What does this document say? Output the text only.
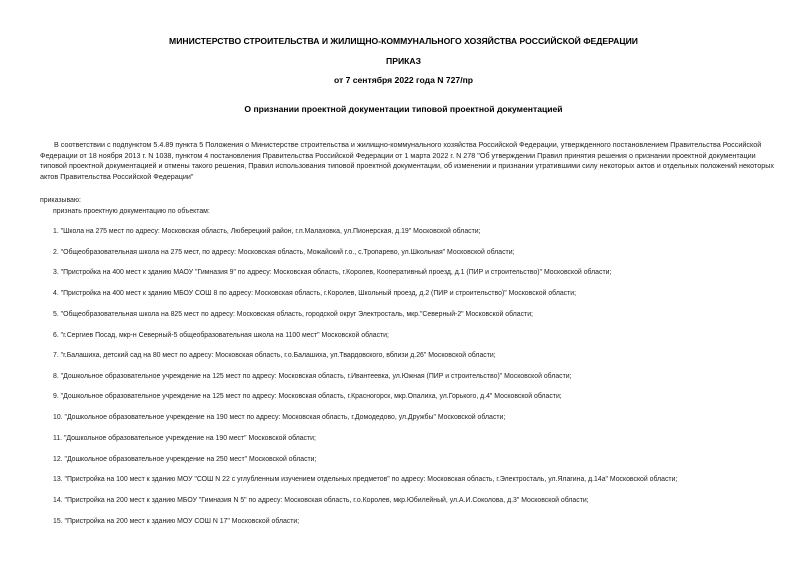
МИНИСТЕРСТВО СТРОИТЕЛЬСТВА И ЖИЛИЩНО-КОММУНАЛЬНОГО ХОЗЯЙСТВА РОССИЙСКОЙ ФЕДЕРАЦИИ
ПРИКАЗ
от 7 сентября 2022 года N 727/пр
О признании проектной документации типовой проектной документацией
В соответствии с подпунктом 5.4.89 пункта 5 Положения о Министерстве строительства и жилищно-коммунального хозяйства Российской Федерации, утвержденного постановлением Правительства Российской Федерации от 18 ноября 2013 г. N 1038, пунктом 4 постановления Правительства Российской Федерации от 1 марта 2022 г. N 278 "Об утверждении Правил принятия решения о признании проектной документации типовой проектной документацией и отмены такого решения, Правил использования типовой проектной документации, об изменении и признании утратившими силу некоторых актов и отдельных положений некоторых актов Правительства Российской Федерации"
приказываю:
признать проектную документацию по объектам:
1. "Школа на 275 мест по адресу: Московская область, Люберецкий район, г.п.Малаховка, ул.Пионерская, д.19" Московской области;
2. "Общеобразовательная школа на 275 мест, по адресу: Московская область, Можайский г.о., с.Тропарево, ул.Школьная" Московской области;
3. "Пристройка на 400 мест к зданию МАОУ "Гимназия 9" по адресу: Московская область, г.Королев, Кооперативный проезд, д.1 (ПИР и строительство)" Московской области;
4. "Пристройка на 400 мест к зданию МБОУ СОШ 8 по адресу: Московская область, г.Королев, Школьный проезд, д.2 (ПИР и строительство)" Московской области;
5. "Общеобразовательная школа на 825 мест по адресу: Московская область, городской округ Электросталь, мкр."Северный-2" Московской области;
6. "г.Сергиев Посад, мкр-н Северный-5 общеобразовательная школа на 1100 мест" Московской области;
7. "г.Балашиха, детский сад на 80 мест по адресу: Московская область, г.о.Балашиха, ул.Твардовского, вблизи д.26" Московской области;
8. "Дошкольное образовательное учреждение на 125 мест по адресу: Московская область, г.Ивантеевка, ул.Южная (ПИР и строительство)" Московской области;
9. "Дошкольное образовательное учреждение на 125 мест по адресу: Московская область, г.Красногорск, мкр.Опалиха, ул.Горького, д.4" Московской области;
10. "Дошкольное образовательное учреждение на 190 мест по адресу: Московская область, г.Домодедово, ул.Дружбы" Московской области;
11. "Дошкольное образовательное учреждение на 190 мест" Московской области;
12. "Дошкольное образовательное учреждение на 250 мест" Московской области;
13. "Пристройка на 100 мест к зданию МОУ "СОШ N 22 с углубленным изучением отдельных предметов" по адресу: Московская область, г.Электросталь, ул.Ялагина, д.14а" Московской области;
14. "Пристройка на 200 мест к зданию МБОУ "Гимназия N 5" по адресу: Московская область, г.о.Королев, мкр.Юбилейный, ул.А.И.Соколова, д.3" Московской области;
15. "Пристройка на 200 мест к зданию МОУ СОШ N 17" Московской области;
